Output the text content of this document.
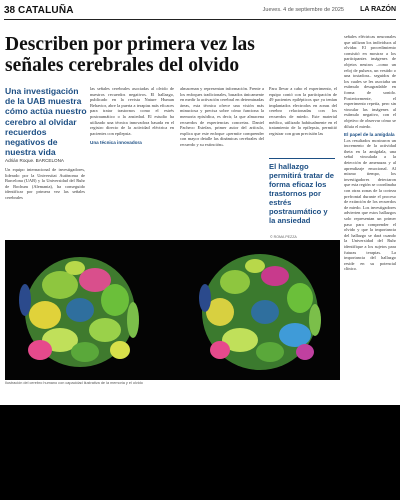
38 CATALUÑA	Jueves. 4 de septiembre de 2025 LA RAZÓN
Describen por primera vez las señales cerebrales del olvido
Una investigación de la UAB muestra cómo actúa nuestro cerebro al olvidar recuerdos negativos de nuestra vida
Adrián Roque. BARCELONA
Un equipo internacional de investigadores, liderado por la Universitat Autònoma de Barcelona (UAB) y la Universidad del Ruhr de Bochum (Alemania), ha conseguido identificar por primera vez las señales cerebrales
las señales cerebrales asociadas al olvido de nuestros recuerdos negativos. El hallazgo, publicado en la revista Nature Human Behavior, abre la puerta a terapias más eficaces para tratar trastornos como el estrés postraumático o la ansiedad. El estudio ha utilizado una técnica innovadora basada en el registro directo de la actividad eléctrica en pacientes con epilepsia.
Una técnica innovadora
almacenan y representan información. Frente a los enfoques tradicionales, basados únicamente en medir la activación cerebral en determinadas áreas, esta técnica ofrece una visión más minuciosa y precisa sobre cómo funciona la memoria episódica, es decir, la que almacena recuerdos de experiencias concretas. Daniel Pacheco Estefan, primer autor del artículo, explica que este enfoque «permite comprender con mayor detalle las dinámicas cerebrales del recuerdo y su extinción».
Para llevar a cabo el experimento, el equipo contó con la participación de 49 pacientes epilépticos que ya tenían implantados electrodos en zonas del cerebro relacionadas con los recuerdos de miedo. Este material médico, utilizado habitualmente en el tratamiento de la epilepsia, permitió registrar con gran precisión las
El hallazgo permitirá tratar de forma eficaz los trastornos por estrés postraumático y la ansiedad
© ROMA PEZZA
Ilustración del cerebro humano con capacidad ilustrativa de la memoria y el olvido
señales eléctricas neuronales que utilizan los individuos al olvidar. El procedimiento consistió en mostrar a los participantes imágenes de objetos neutros –como un reloj de pulsera, un vestido o una tostadora– seguidos de los cuales se les asociaba un estímulo desagradable en forma de sonido. Posteriormente, el experimento repetía, pero sin vincular las imágenes al estímulo negativo, con el objetivo de observar cómo se diluía el miedo.
El papel de la amígdala
Los resultados mostraron un incremento de la actividad theta en la amígdala, una señal vinculada a la detección de amenazas y al aprendizaje emocional. Al mismo tiempo, los investigadores detectaron que esta región se coordinaba con otras zonas de la corteza prefrontal durante el proceso de extinción de los recuerdos de miedo. Los investigadores advierten que estos hallazgos solo representan un primer paso para comprender el olvido y que la importancia del hallazgo se dará cuando la Universidad del Ruhr identifique a los sujetos para futuras terapias. La importancia del hallazgo reside en su potencial clínico.
